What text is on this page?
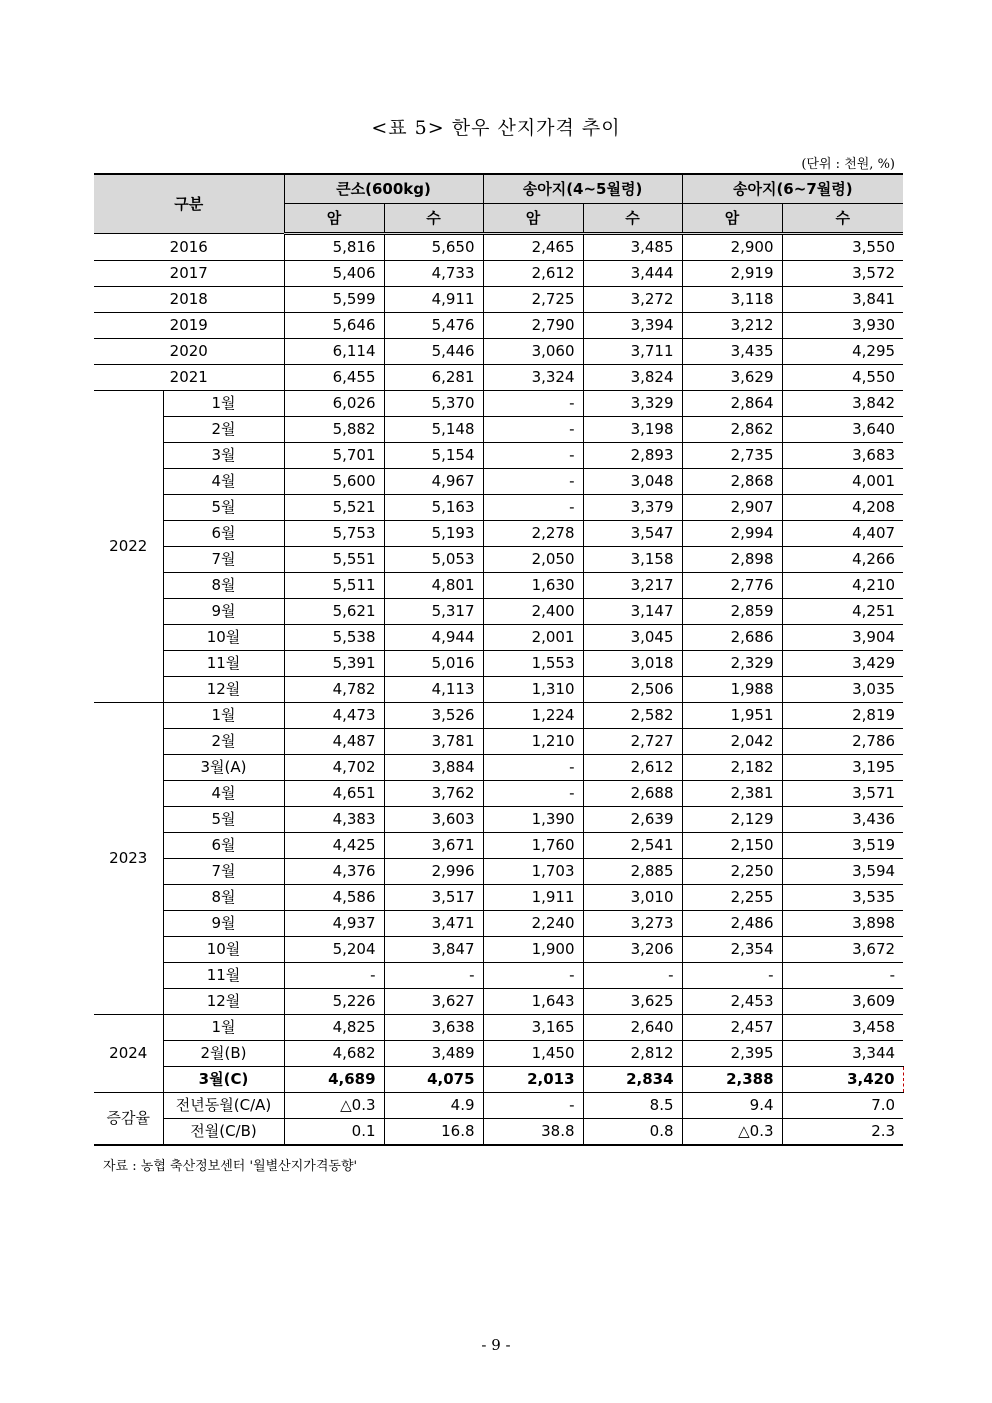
<표 5> 한우 산지가격 추이
(단위 : 천원, %)
구분		큰소(600kg)		송아지(4~5월령)		송아지(6~7월령)	
		암	수	암	수	암	수
2016		5,816	5,650	2,465	3,485	2,900	3,550
2017		5,406	4,733	2,612	3,444	2,919	3,572
2018		5,599	4,911	2,725	3,272	3,118	3,841
2019		5,646	5,476	2,790	3,394	3,212	3,930
2020		6,114	5,446	3,060	3,711	3,435	4,295
2021		6,455	6,281	3,324	3,824	3,629	4,550
2022	1월	6,026	5,370	-	3,329	2,864	3,842
	2월	5,882	5,148	-	3,198	2,862	3,640
	3월	5,701	5,154	-	2,893	2,735	3,683
	4월	5,600	4,967	-	3,048	2,868	4,001
	5월	5,521	5,163	-	3,379	2,907	4,208
	6월	5,753	5,193	2,278	3,547	2,994	4,407
	7월	5,551	5,053	2,050	3,158	2,898	4,266
	8월	5,511	4,801	1,630	3,217	2,776	4,210
	9월	5,621	5,317	2,400	3,147	2,859	4,251
	10월	5,538	4,944	2,001	3,045	2,686	3,904
	11월	5,391	5,016	1,553	3,018	2,329	3,429
	12월	4,782	4,113	1,310	2,506	1,988	3,035
2023	1월	4,473	3,526	1,224	2,582	1,951	2,819
	2월	4,487	3,781	1,210	2,727	2,042	2,786
	3월(A)	4,702	3,884	-	2,612	2,182	3,195
	4월	4,651	3,762	-	2,688	2,381	3,571
	5월	4,383	3,603	1,390	2,639	2,129	3,436
	6월	4,425	3,671	1,760	2,541	2,150	3,519
	7월	4,376	2,996	1,703	2,885	2,250	3,594
	8월	4,586	3,517	1,911	3,010	2,255	3,535
	9월	4,937	3,471	2,240	3,273	2,486	3,898
	10월	5,204	3,847	1,900	3,206	2,354	3,672
	11월	-	-	-	-	-	-
	12월	5,226	3,627	1,643	3,625	2,453	3,609
2024	1월	4,825	3,638	3,165	2,640	2,457	3,458
	2월(B)	4,682	3,489	1,450	2,812	2,395	3,344
	3월(C)	4,689	4,075	2,013	2,834	2,388	3,420
증감율	전년동월(C/A)	△0.3	4.9	-	8.5	9.4	7.0
	전월(C/B)	0.1	16.8	38.8	0.8	△0.3	2.3
자료 : 농협 축산정보센터 '월별산지가격동향'
- 9 -
